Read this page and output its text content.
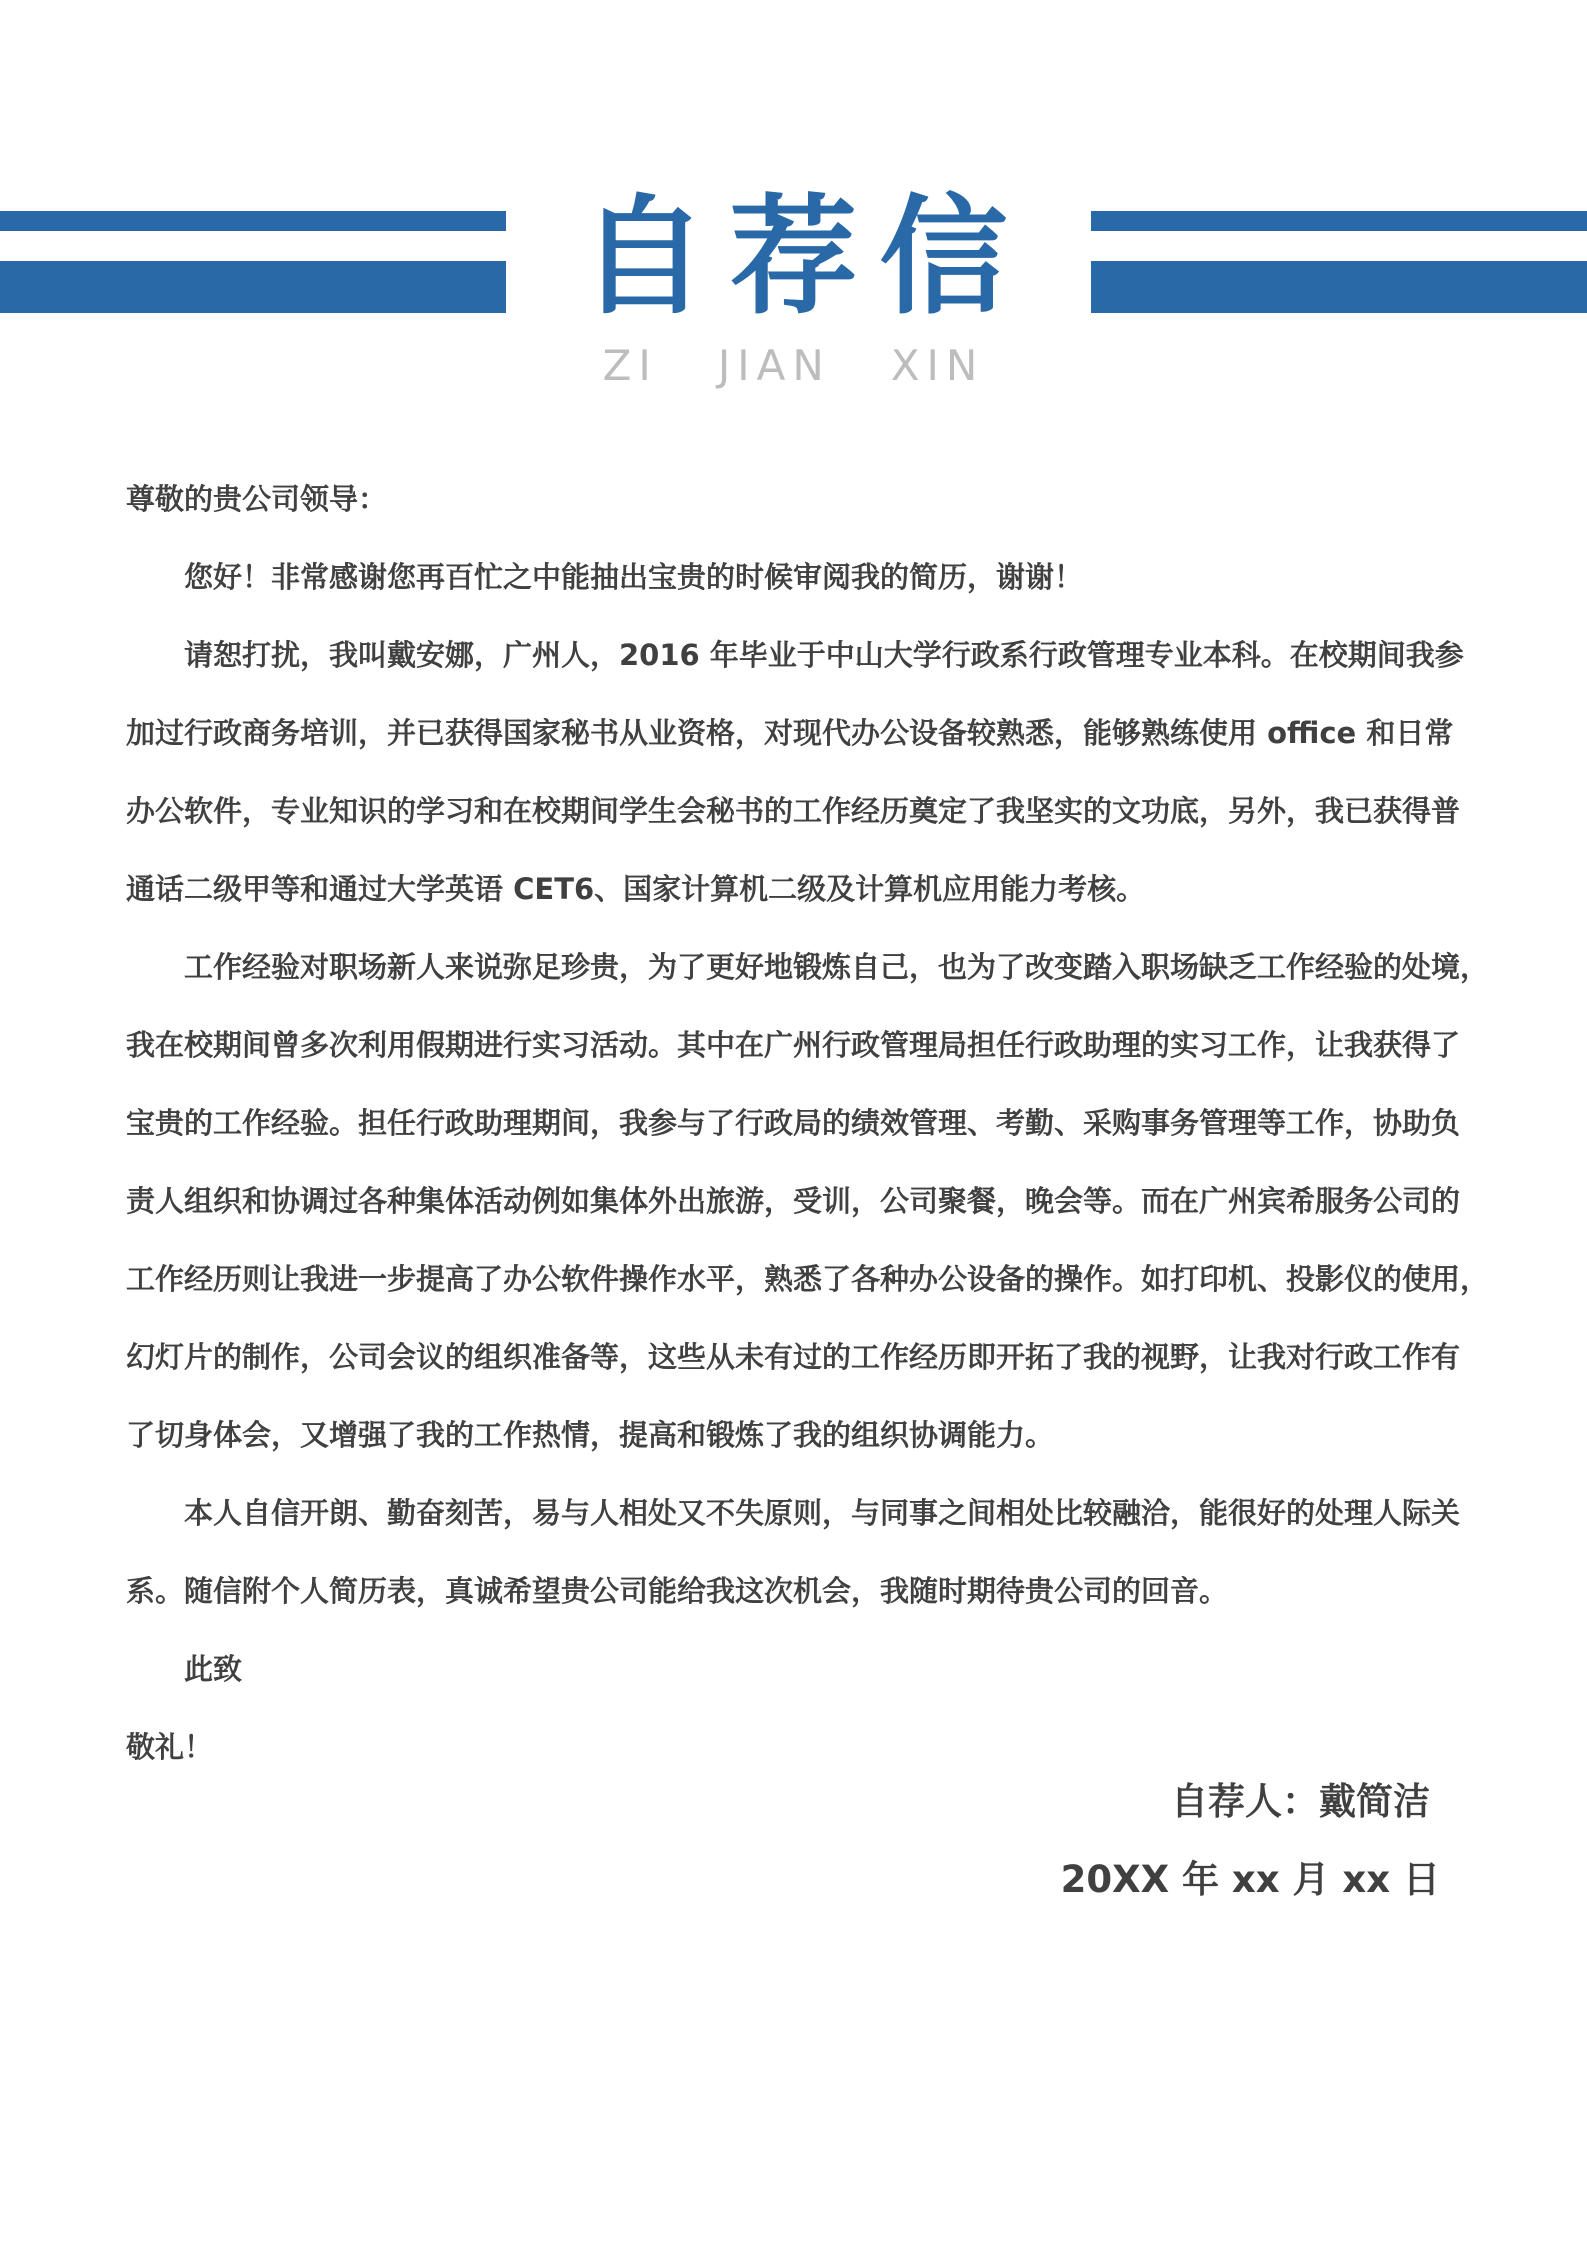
自荐信
ZI JIAN XIN
尊敬的贵公司领导：
您好！非常感谢您再百忙之中能抽出宝贵的时候审阅我的简历，谢谢！
请恕打扰，我叫戴安娜，广州人，2016 年毕业于中山大学行政系行政管理专业本科。在校期间我参
加过行政商务培训，并已获得国家秘书从业资格，对现代办公设备较熟悉，能够熟练使用 office 和日常
办公软件，专业知识的学习和在校期间学生会秘书的工作经历奠定了我坚实的文功底，另外，我已获得普
通话二级甲等和通过大学英语 CET6、国家计算机二级及计算机应用能力考核。
工作经验对职场新人来说弥足珍贵，为了更好地锻炼自己，也为了改变踏入职场缺乏工作经验的处境，
我在校期间曾多次利用假期进行实习活动。其中在广州行政管理局担任行政助理的实习工作，让我获得了
宝贵的工作经验。担任行政助理期间，我参与了行政局的绩效管理、考勤、采购事务管理等工作，协助负
责人组织和协调过各种集体活动例如集体外出旅游，受训，公司聚餐，晚会等。而在广州宾希服务公司的
工作经历则让我进一步提高了办公软件操作水平，熟悉了各种办公设备的操作。如打印机、投影仪的使用，
幻灯片的制作，公司会议的组织准备等，这些从未有过的工作经历即开拓了我的视野，让我对行政工作有
了切身体会，又增强了我的工作热情，提高和锻炼了我的组织协调能力。
本人自信开朗、勤奋刻苦，易与人相处又不失原则，与同事之间相处比较融洽，能很好的处理人际关
系。随信附个人简历表，真诚希望贵公司能给我这次机会，我随时期待贵公司的回音。
此致
敬礼！
自荐人：戴简洁
20XX 年 xx 月 xx 日
